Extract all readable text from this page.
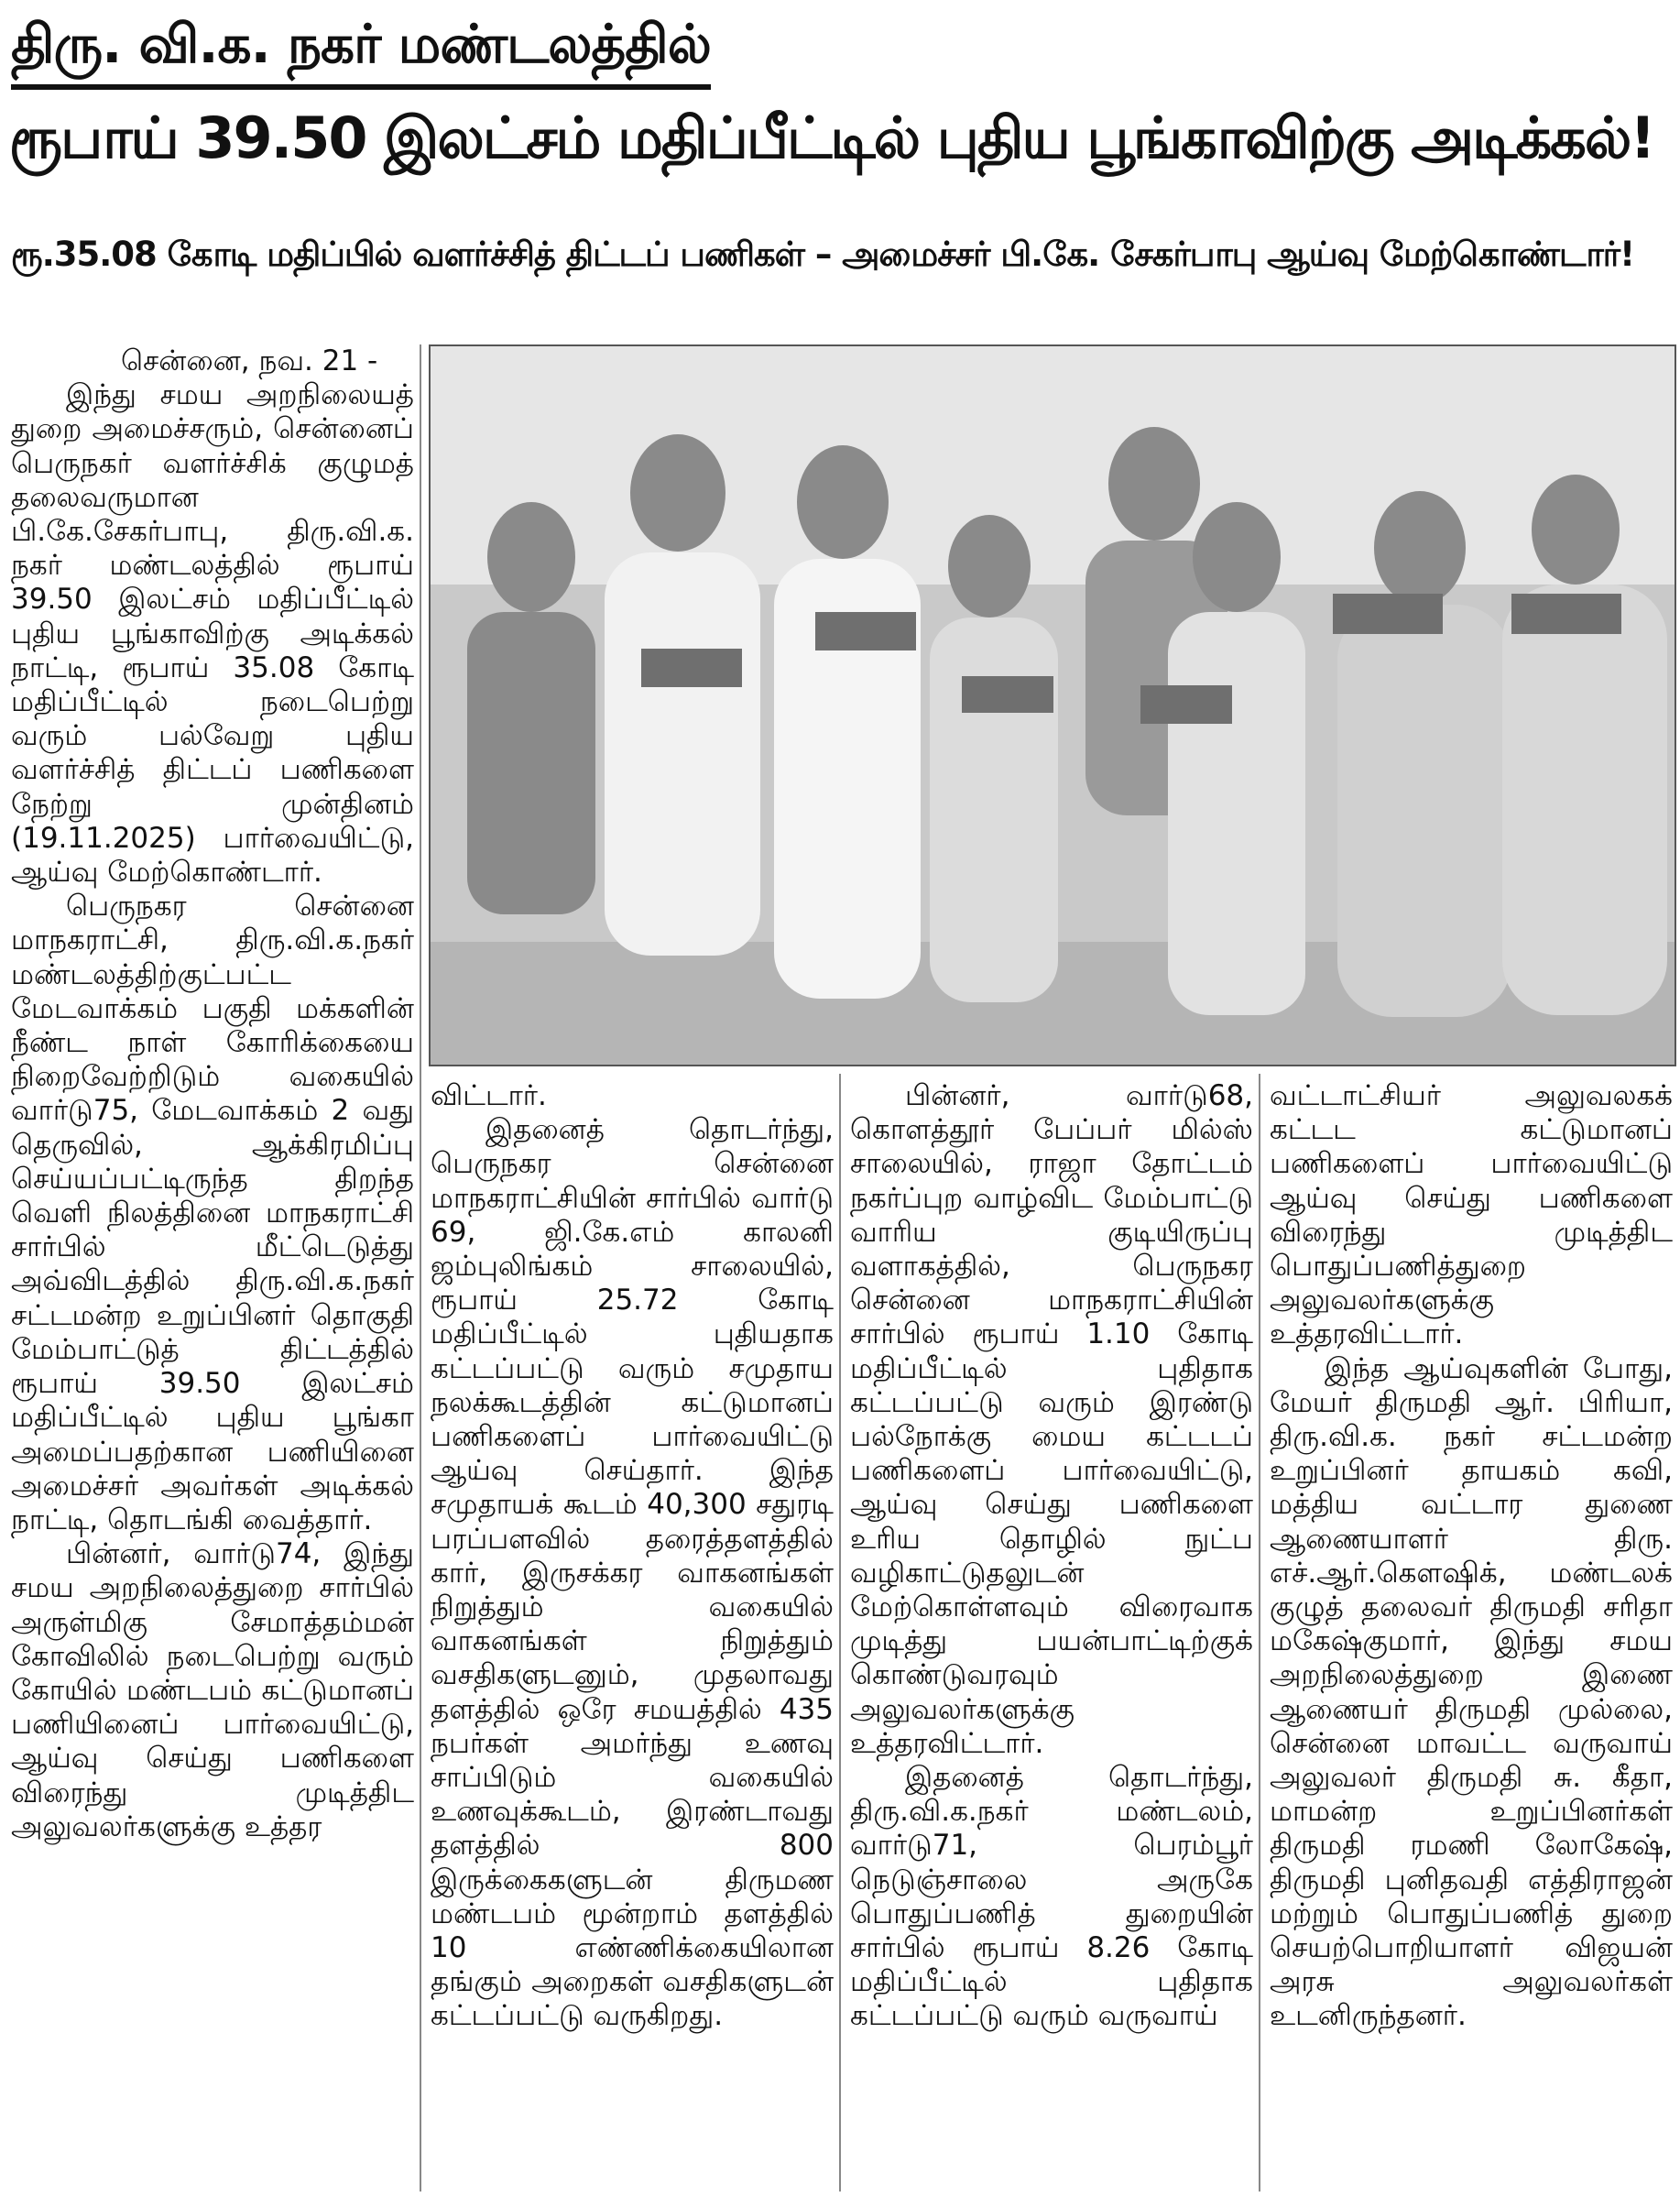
திரு. வி.க. நகர் மண்டலத்தில்
ரூபாய் 39.50 இலட்சம் மதிப்பீட்டில் புதிய பூங்காவிற்கு அடிக்கல்!
ரூ.35.08 கோடி மதிப்பில் வளர்ச்சித் திட்டப் பணிகள் – அமைச்சர் பி.கே. சேகர்பாபு ஆய்வு மேற்கொண்டார்!

சென்னை, நவ. 21 -

இந்து சமய அறநிலையத் துறை அமைச்சரும், சென்னைப் பெருநகர் வளர்ச்சிக் குழுமத் தலைவருமான பி.கே.சேகர்பாபு, திரு.வி.க. நகர் மண்டலத்தில் ரூபாய் 39.50 இலட்சம் மதிப்பீட்டில் புதிய பூங்காவிற்கு அடிக்கல் நாட்டி, ரூபாய் 35.08 கோடி மதிப்பீட்டில் நடைபெற்று வரும் பல்வேறு புதிய வளர்ச்சித் திட்டப் பணிகளை நேற்று முன்தினம் (19.11.2025) பார்வையிட்டு, ஆய்வு மேற்கொண்டார்.

பெருநகர சென்னை மாநகராட்சி, திரு.வி.க.நகர் மண்டலத்திற்குட்பட்ட மேடவாக்கம் பகுதி மக்களின் நீண்ட நாள் கோரிக்கையை நிறைவேற்றிடும் வகையில் வார்டு75, மேடவாக்கம் 2 வது தெருவில், ஆக்கிரமிப்பு செய்யப்பட்டிருந்த திறந்த வெளி நிலத்தினை மாநகராட்சி சார்பில் மீட்டெடுத்து அவ்விடத்தில் திரு.வி.க.நகர் சட்டமன்ற உறுப்பினர் தொகுதி மேம்பாட்டுத் திட்டத்தில் ரூபாய் 39.50 இலட்சம் மதிப்பீட்டில் புதிய பூங்கா அமைப்பதற்கான பணியினை அமைச்சர் அவர்கள் அடிக்கல் நாட்டி, தொடங்கி வைத்தார்.

பின்னர், வார்டு74, இந்து சமய அறநிலைத்துறை சார்பில் அருள்மிகு சேமாத்தம்மன் கோவிலில் நடைபெற்று வரும் கோயில் மண்டபம் கட்டுமானப் பணியினைப் பார்வையிட்டு, ஆய்வு செய்து பணிகளை விரைந்து முடித்திட அலுவலர்களுக்கு உத்தர

விட்டார்.

இதனைத் தொடர்ந்து, பெருநகர சென்னை மாநகராட்சியின் சார்பில் வார்டு 69, ஜி.கே.எம் காலனி ஜம்புலிங்கம் சாலையில், ரூபாய் 25.72 கோடி மதிப்பீட்டில் புதியதாக கட்டப்பட்டு வரும் சமுதாய நலக்கூடத்தின் கட்டுமானப் பணிகளைப் பார்வையிட்டு ஆய்வு செய்தார். இந்த சமுதாயக் கூடம் 40,300 சதுரடி பரப்பளவில் தரைத்தளத்தில் கார், இருசக்கர வாகனங்கள் நிறுத்தும் வகையில் வாகனங்கள் நிறுத்தும் வசதிகளுடனும், முதலாவது தளத்தில் ஒரே சமயத்தில் 435 நபர்கள் அமர்ந்து உணவு சாப்பிடும் வகையில் உணவுக்கூடம், இரண்டாவது தளத்தில் 800 இருக்கைகளுடன் திருமண மண்டபம் மூன்றாம் தளத்தில் 10 எண்ணிக்கையிலான தங்கும் அறைகள் வசதிகளுடன் கட்டப்பட்டு வருகிறது.

பின்னர், வார்டு68, கொளத்தூர் பேப்பர் மில்ஸ் சாலையில், ராஜா தோட்டம் நகர்ப்புற வாழ்விட மேம்பாட்டு வாரிய குடியிருப்பு வளாகத்தில், பெருநகர சென்னை மாநகராட்சியின் சார்பில் ரூபாய் 1.10 கோடி மதிப்பீட்டில் புதிதாக கட்டப்பட்டு வரும் இரண்டு பல்நோக்கு மைய கட்டடப் பணிகளைப் பார்வையிட்டு, ஆய்வு செய்து பணிகளை உரிய தொழில் நுட்ப வழிகாட்டுதலுடன் மேற்கொள்ளவும் விரைவாக முடித்து பயன்பாட்டிற்குக் கொண்டுவரவும் அலுவலர்களுக்கு உத்தரவிட்டார்.

இதனைத் தொடர்ந்து, திரு.வி.க.நகர் மண்டலம், வார்டு71, பெரம்பூர் நெடுஞ்சாலை அருகே பொதுப்பணித் துறையின் சார்பில் ரூபாய் 8.26 கோடி மதிப்பீட்டில் புதிதாக கட்டப்பட்டு வரும் வருவாய்

வட்டாட்சியர் அலுவலகக் கட்டட கட்டுமானப் பணிகளைப் பார்வையிட்டு ஆய்வு செய்து பணிகளை விரைந்து முடித்திட பொதுப்பணித்துறை அலுவலர்களுக்கு உத்தரவிட்டார்.

இந்த ஆய்வுகளின் போது, மேயர் திருமதி ஆர். பிரியா, திரு.வி.க. நகர் சட்டமன்ற உறுப்பினர் தாயகம் கவி, மத்திய வட்டார துணை ஆணையாளர் திரு. எச்.ஆர்.கௌஷிக், மண்டலக் குழுத் தலைவர் திருமதி சரிதா மகேஷ்குமார், இந்து சமய அறநிலைத்துறை இணை ஆணையர் திருமதி முல்லை, சென்னை மாவட்ட வருவாய் அலுவலர் திருமதி சு. கீதா, மாமன்ற உறுப்பினர்கள் திருமதி ரமணி லோகேஷ், திருமதி புனிதவதி எத்திராஜன் மற்றும் பொதுப்பணித் துறை செயற்பொறியாளர் விஜயன் அரசு அலுவலர்கள் உடனிருந்தனர்.
